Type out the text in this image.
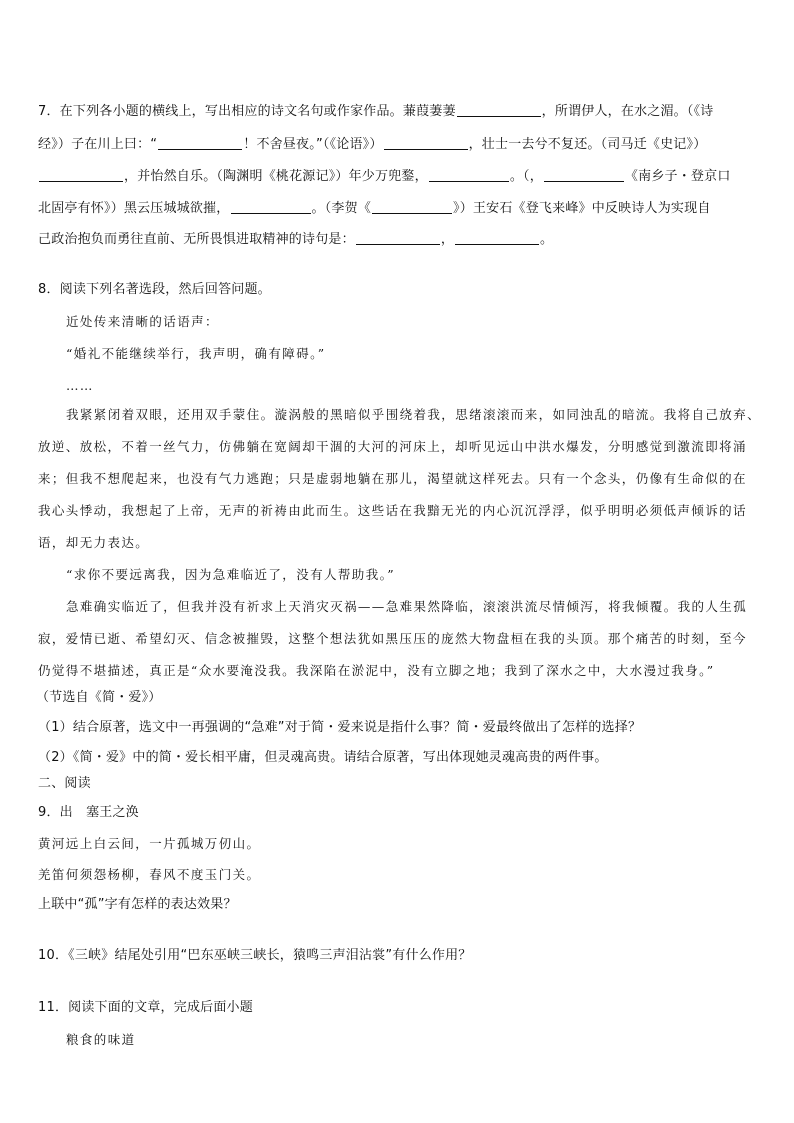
7．在下列各小题的横线上，写出相应的诗文名句或作家作品。蒹葭萋萋	，所谓伊人，在水之湄。（《诗
经》）子在川上曰：“	！不舍昼夜。”（《论语》）	，壮士一去兮不复还。（司马迁《史记》）
，并怡然自乐。（陶渊明《桃花源记》）年少万兜鍪，	。（，	《南乡子・登京口
北固亭有怀》）黑云压城城欲摧，	。（李贺《	》）王安石《登飞来峰》中反映诗人为实现自
己政治抱负而勇往直前、无所畏惧进取精神的诗句是：	，	。
8．阅读下列名著选段，然后回答问题。
近处传来清晰的话语声：
“婚礼不能继续举行，我声明，确有障碍。”
……
我紧紧闭着双眼，还用双手蒙住。漩涡般的黑暗似乎围绕着我，思绪滚滚而来，如同浊乱的暗流。我将自己放弃、
放逆、放松，不着一丝气力，仿佛躺在宽阔却干涸的大河的河床上，却听见远山中洪水爆发，分明感觉到激流即将涌
来；但我不想爬起来，也没有气力逃跑；只是虚弱地躺在那儿，渴望就这样死去。只有一个念头，仍像有生命似的在
我心头悸动，我想起了上帝，无声的祈祷由此而生。这些话在我黯无光的内心沉沉浮浮，似乎明明必须低声倾诉的话
语，却无力表达。
“求你不要远离我，因为急难临近了，没有人帮助我。”
急难确实临近了，但我并没有祈求上天消灾灭祸——急难果然降临，滚滚洪流尽情倾泻，将我倾覆。我的人生孤
寂，爱情已逝、希望幻灭、信念被摧毁，这整个想法犹如黑压压的庞然大物盘桓在我的头顶。那个痛苦的时刻，至今
仍觉得不堪描述，真正是“众水要淹没我。我深陷在淤泥中，没有立脚之地；我到了深水之中，大水漫过我身。”
（节选自《简・爱》）
（1）结合原著，选文中一再强调的“急难”对于简・爱来说是指什么事？简・爱最终做出了怎样的选择？
（2）《简・爱》中的简・爱长相平庸，但灵魂高贵。请结合原著，写出体现她灵魂高贵的两件事。
二、阅读
9．出　塞王之涣
黄河远上白云间，一片孤城万仞山。
羌笛何须怨杨柳，春风不度玉门关。
上联中“孤”字有怎样的表达效果？
10．《三峡》结尾处引用“巴东巫峡三峡长，猿鸣三声泪沾裳”有什么作用？
11．阅读下面的文章，完成后面小题
粮食的味道
